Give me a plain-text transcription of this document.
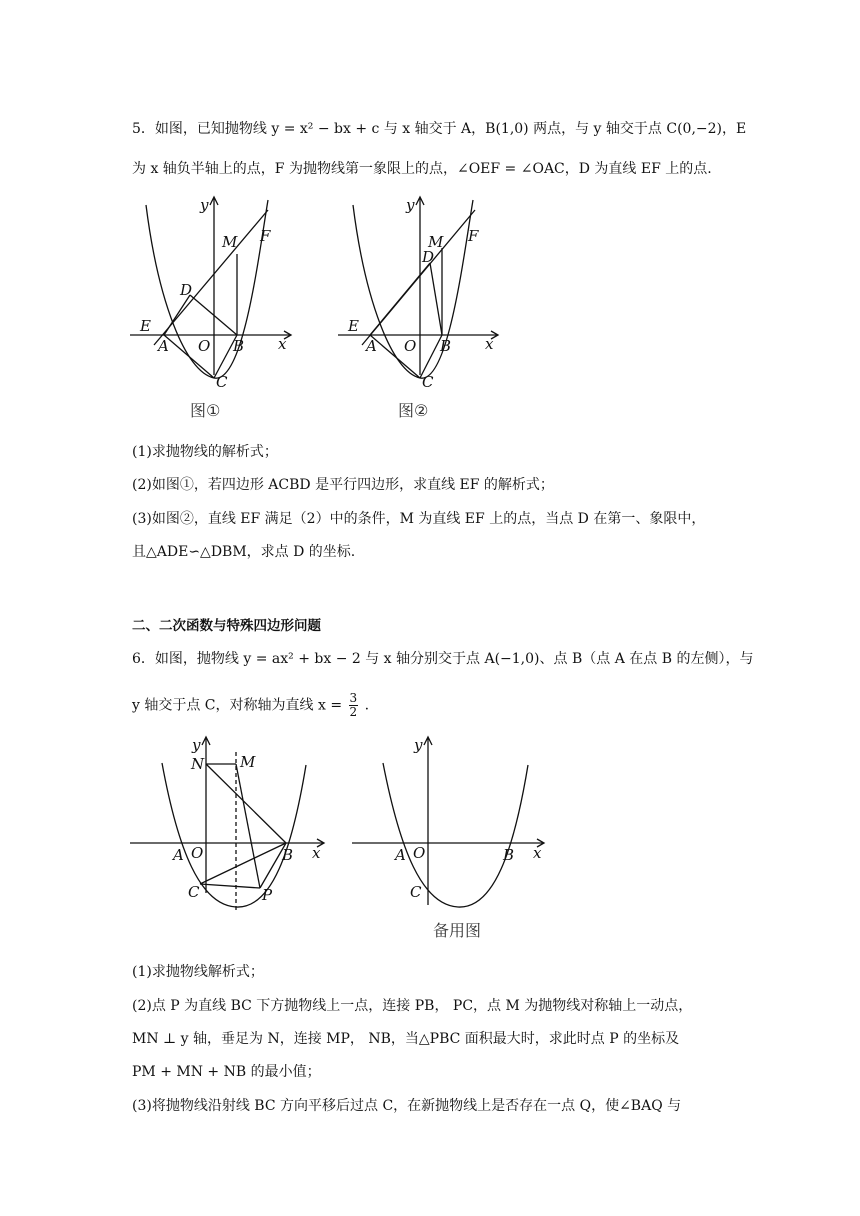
5．如图，已知抛物线 y = x² − bx + c 与 x 轴交于 A，B(1,0) 两点，与 y 轴交于点 C(0,−2)，E
为 x 轴负半轴上的点，F 为抛物线第一象限上的点，∠OEF = ∠OAC，D 为直线 EF 上的点.
y
x
E
A O B
C
D
M F
图①
y
x
E
A O B
C
D
M F
图②
(1)求抛物线的解析式；
(2)如图①，若四边形 ACBD 是平行四边形，求直线 EF 的解析式；
(3)如图②，直线 EF 满足（2）中的条件，M 为直线 EF 上的点，当点 D 在第一、象限中，
且△ADE∽△DBM，求点 D 的坐标.
二、二次函数与特殊四边形问题
6．如图，抛物线 y = ax² + bx − 2 与 x 轴分别交于点 A(−1,0)、点 B（点 A 在点 B 的左侧），与
y 轴交于点 C，对称轴为直线 $x = \frac{3}{2}$ .
y
x
N M
A O	B
C	P
y
x
A O	B
C
备用图
(1)求抛物线解析式；
(2)点 P 为直线 BC 下方抛物线上一点，连接 PB， PC，点 M 为抛物线对称轴上一动点，
MN ⊥ y 轴，垂足为 N，连接 MP， NB，当△PBC 面积最大时，求此时点 P 的坐标及
PM + MN + NB 的最小值；
(3)将抛物线沿射线 BC 方向平移后过点 C，在新抛物线上是否存在一点 Q，使∠BAQ 与
